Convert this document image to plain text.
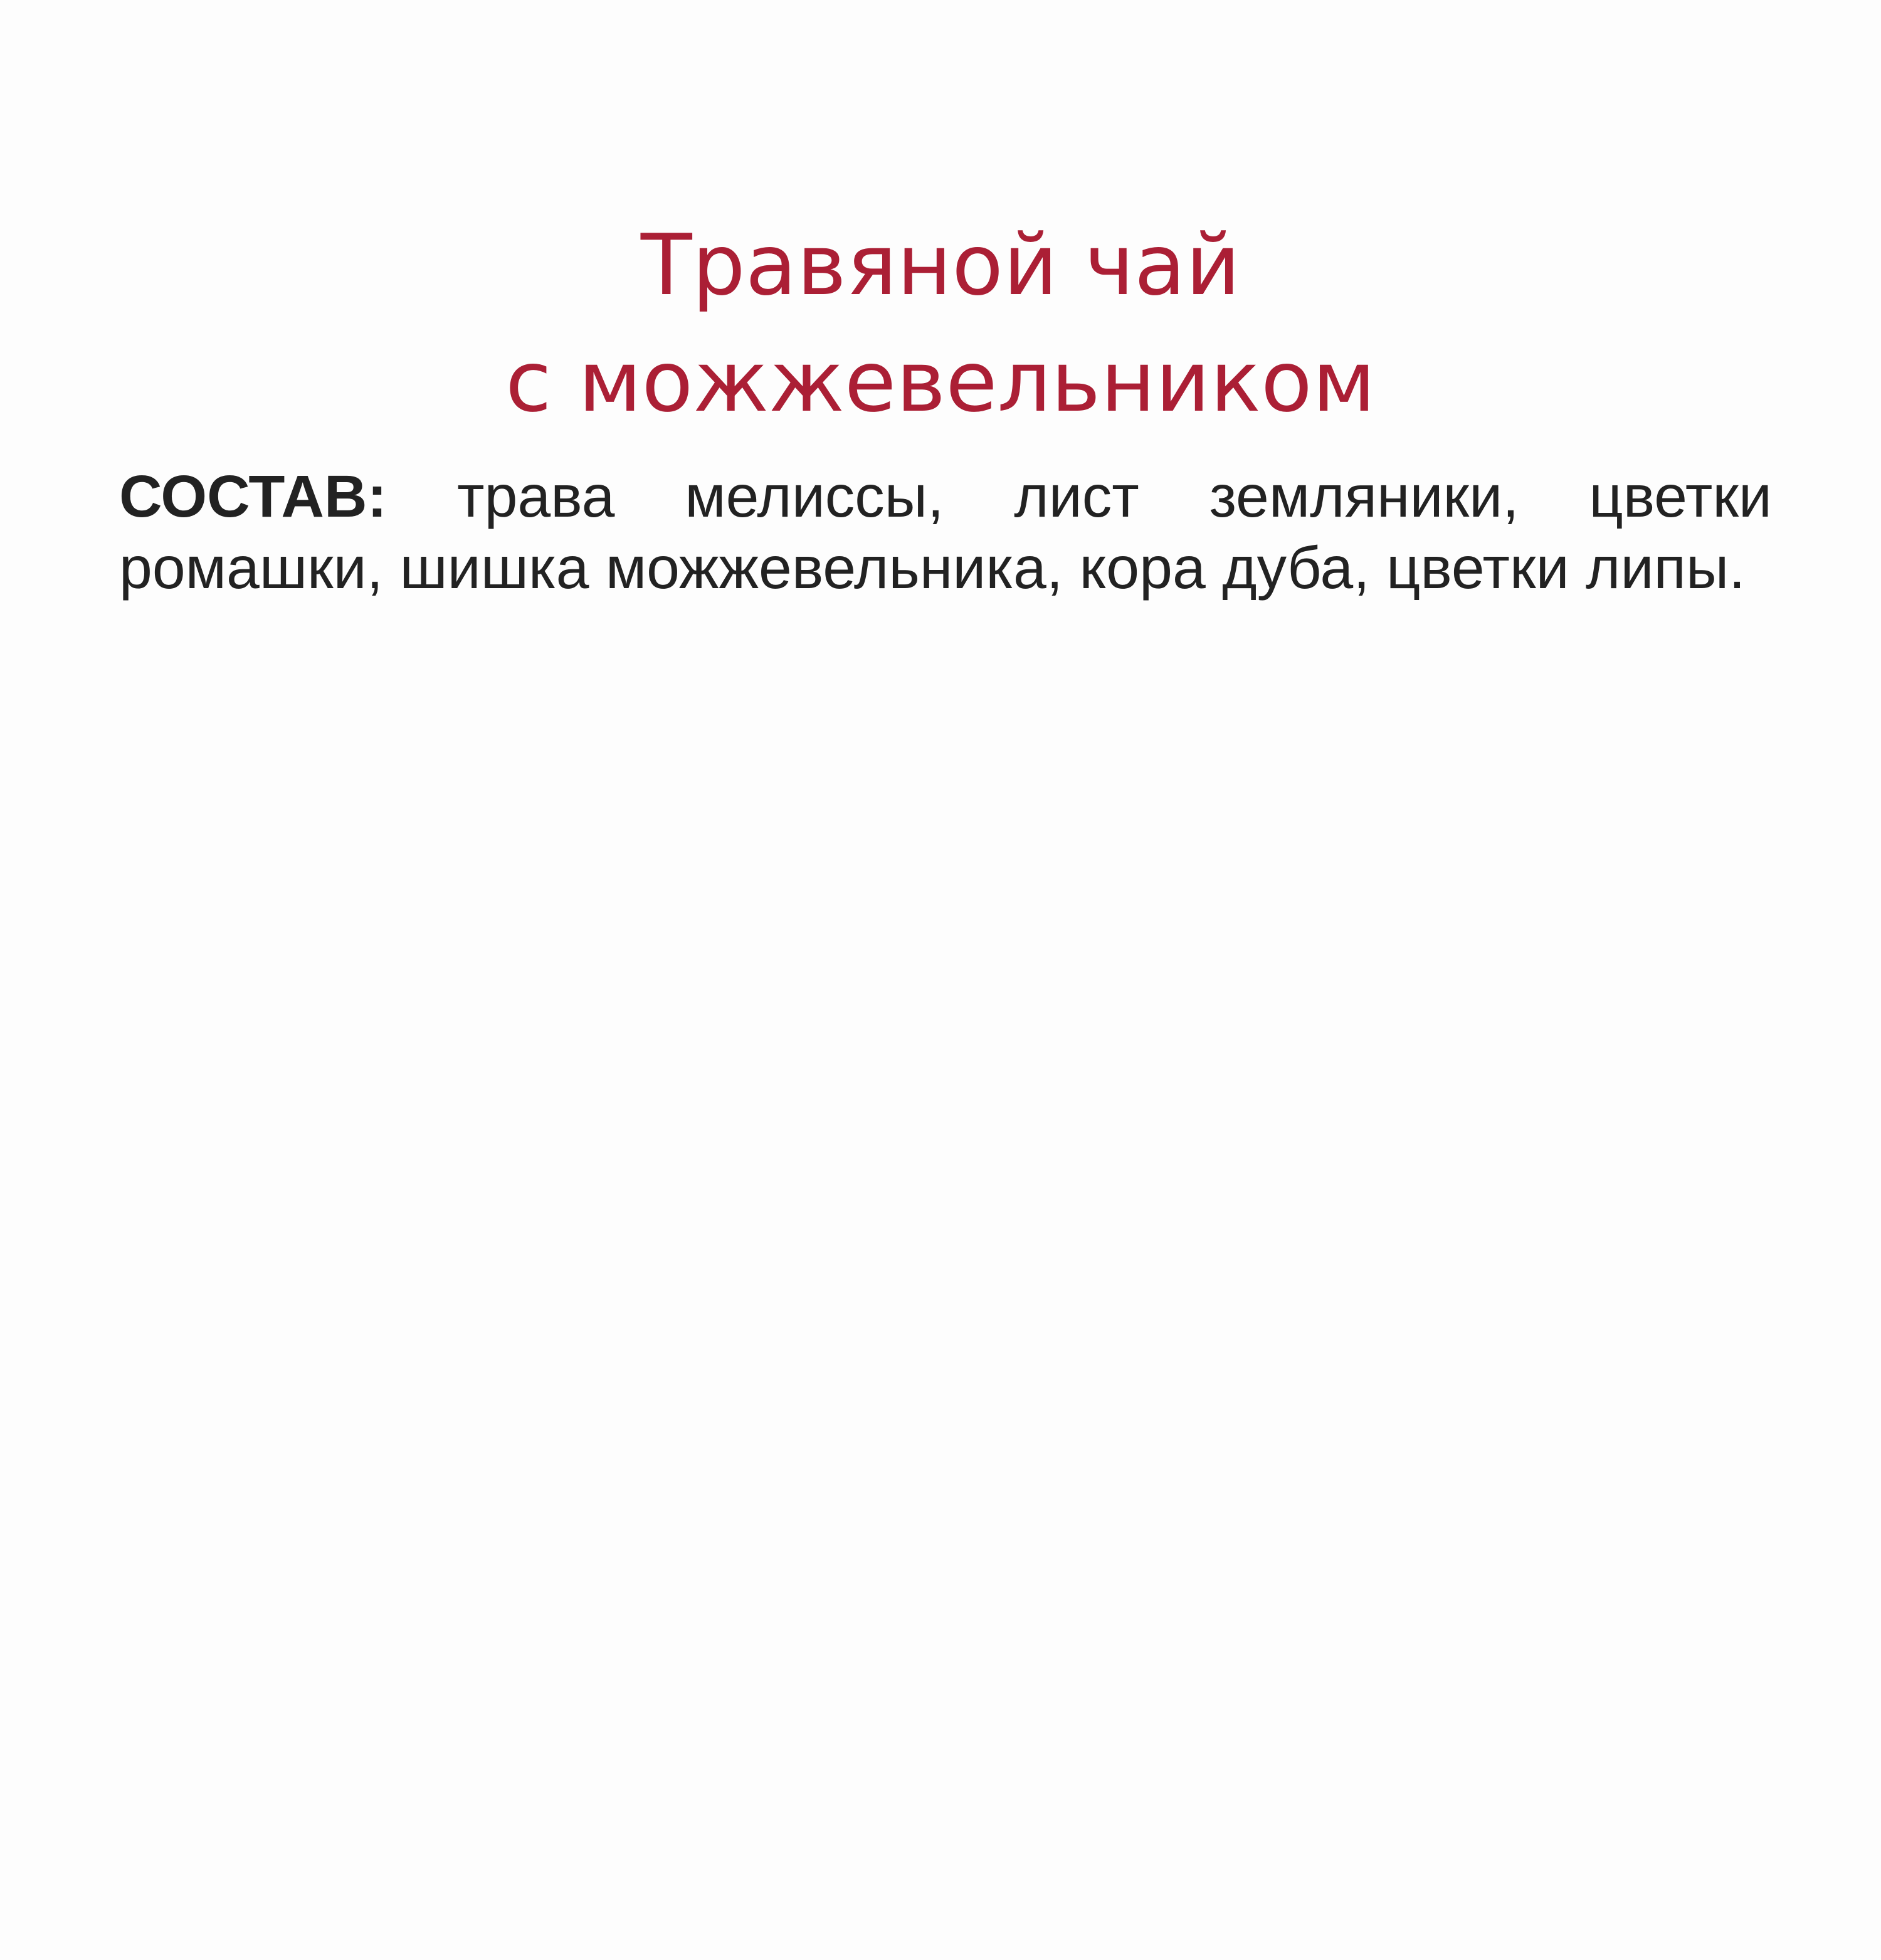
Травяной чай
с можжевельником

СОСТАВ: трава мелиссы, лист земляники, цветки ромашки, шишка можжевельника, кора дуба, цветки липы.
